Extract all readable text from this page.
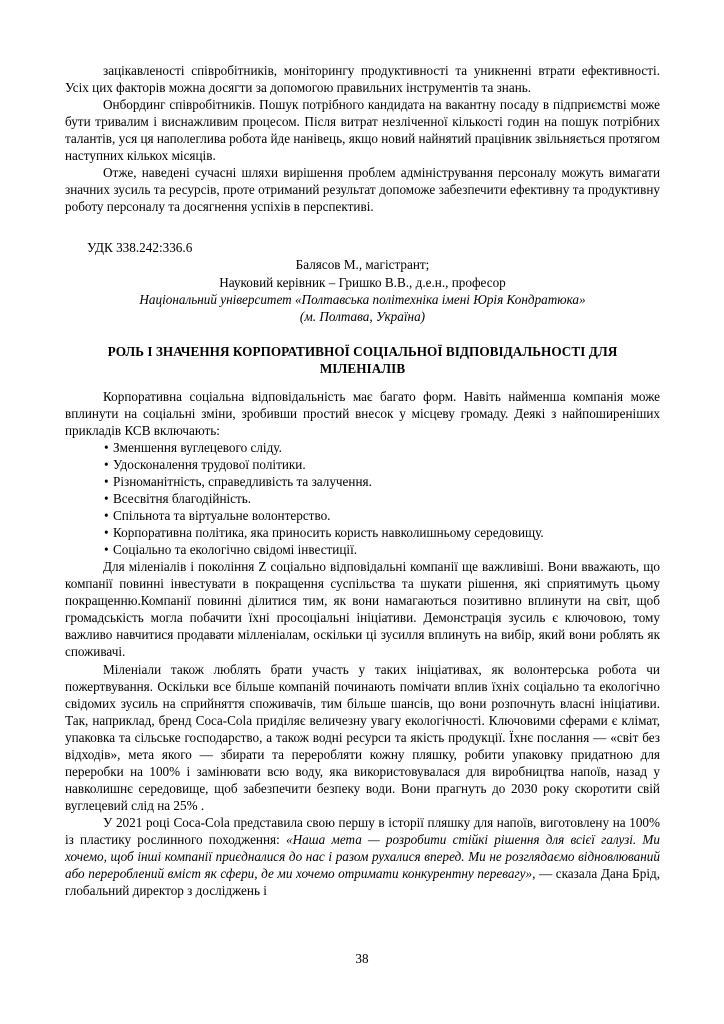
зацікавленості співробітників, моніторингу продуктивності та уникненні втрати ефективності. Усіх цих факторів можна досягти за допомогою правильних інструментів та знань.

Онбординг співробітників. Пошук потрібного кандидата на вакантну посаду в підприємстві може бути тривалим і виснажливим процесом. Після витрат незліченної кількості годин на пошук потрібних талантів, уся ця наполеглива робота йде нанівець, якщо новий найнятий працівник звільняється протягом наступних кількох місяців.

Отже, наведені сучасні шляхи вирішення проблем адміністрування персоналу можуть вимагати значних зусиль та ресурсів, проте отриманий результат допоможе забезпечити ефективну та продуктивну роботу персоналу та досягнення успіхів в перспективі.

УДК 338.242:336.6
Балясов М., магістрант;
Науковий керівник – Гришко В.В., д.е.н., професор
Національний університет «Полтавська політехніка імені Юрія Кондратюка»
(м. Полтава, Україна)
РОЛЬ І ЗНАЧЕННЯ КОРПОРАТИВНОЇ СОЦІАЛЬНОЇ ВІДПОВІДАЛЬНОСТІ ДЛЯ
МІЛЕНІАЛІВ

Корпоративна соціальна відповідальність має багато форм. Навіть найменша компанія може вплинути на соціальні зміни, зробивши простий внесок у місцеву громаду. Деякі з найпоширеніших прикладів КСВ включають:

• Зменшення вуглецевого сліду.
• Удосконалення трудової політики.
• Різноманітність, справедливість та залучення.
• Всесвітня благодійність.
• Спільнота та віртуальне волонтерство.
• Корпоративна політика, яка приносить користь навколишньому середовищу.
• Соціально та екологічно свідомі інвестиції.

Для міленіалів і покоління Z соціально відповідальні компанії ще важливіші. Вони вважають, що компанії повинні інвестувати в покращення суспільства та шукати рішення, які сприятимуть цьому покращенню.Компанії повинні ділитися тим, як вони намагаються позитивно вплинути на світ, щоб громадськість могла побачити їхні просоціальні ініціативи. Демонстрація зусиль є ключовою, тому важливо навчитися продавати мілленіалам, оскільки ці зусилля вплинуть на вибір, який вони роблять як споживачі.

Міленіали також люблять брати участь у таких ініціативах, як волонтерська робота чи пожертвування. Оскільки все більше компаній починають помічати вплив їхніх соціально та екологічно свідомих зусиль на сприйняття споживачів, тим більше шансів, що вони розпочнуть власні ініціативи. Так, наприклад, бренд Coca-Cola приділяє величезну увагу екологічності. Ключовими сферами є клімат, упаковка та сільське господарство, а також водні ресурси та якість продукції. Їхнє послання — «світ без відходів», мета якого — збирати та переробляти кожну пляшку, робити упаковку придатною для переробки на 100% і замінювати всю воду, яка використовувалася для виробництва напоїв, назад у навколишнє середовище, щоб забезпечити безпеку води. Вони прагнуть до 2030 року скоротити свій вуглецевий слід на 25% .

У 2021 році Coca-Cola представила свою першу в історії пляшку для напоїв, виготовлену на 100% із пластику рослинного походження: «Наша мета — розробити стійкі рішення для всієї галузі. Ми хочемо, щоб інші компанії приєдналися до нас і разом рухалися вперед. Ми не розглядаємо відновлюваний або перероблений вміст як сфери, де ми хочемо отримати конкурентну перевагу», — сказала Дана Брід, глобальний директор з досліджень і

38
